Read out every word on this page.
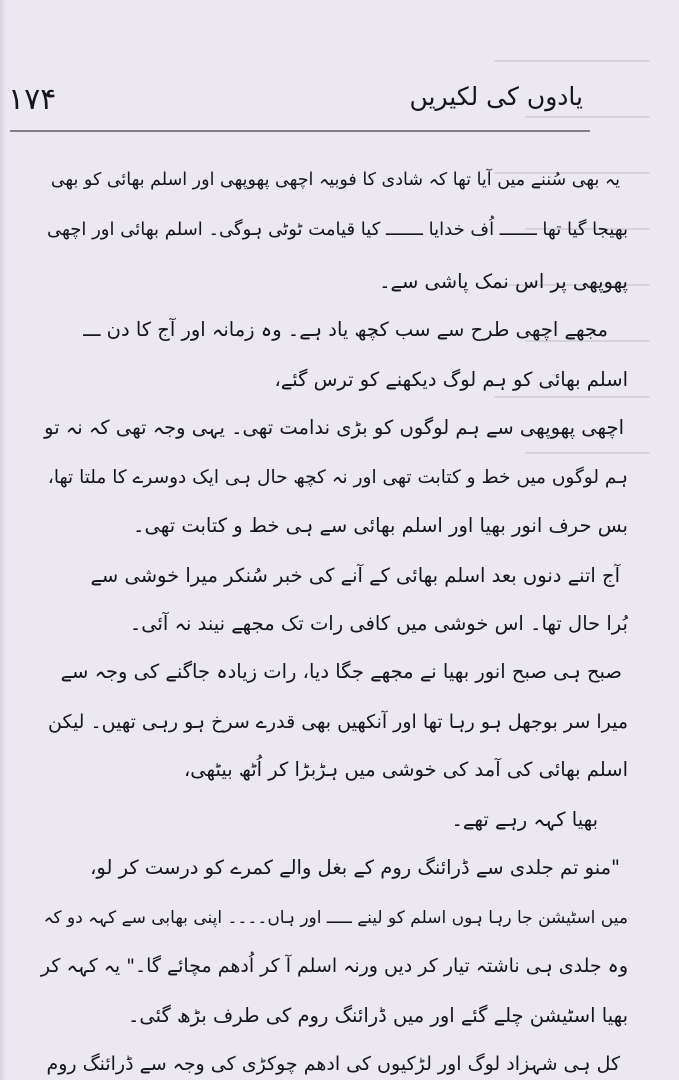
۱۷۴	یادوں کی لکیریں
یہ بھی سُننے میں آیا تھا کہ شادی کا فوبیہ اچھی پھوپھی اور اسلم بھائی کو بھی
بھیجا گیا تھا ـــــــ اُف خدایا ـــــــ کیا قیامت ٹوٹی ہوگی۔ اسلم بھائی اور اچھی
پھوپھی پر اس نمک پاشی سے۔
مجھے اچھی طرح سے سب کچھ یاد ہے۔ وہ زمانہ اور آج کا دن ـــ
اسلم بھائی کو ہم لوگ دیکھنے کو ترس گئے،
اچھی پھوپھی سے ہم لوگوں کو بڑی ندامت تھی۔ یہی وجہ تھی کہ نہ تو
ہم لوگوں میں خط و کتابت تھی اور نہ کچھ حال ہی ایک دوسرے کا ملتا تھا،
بس حرف انور بھیا اور اسلم بھائی سے ہی خط و کتابت تھی۔
آج اتنے دنوں بعد اسلم بھائی کے آنے کی خبر سُنکر میرا خوشی سے
بُرا حال تھا۔ اس خوشی میں کافی رات تک مجھے نیند نہ آئی۔
صبح ہی صبح انور بھیا نے مجھے جگا دیا، رات زیادہ جاگنے کی وجہ سے
میرا سر بوجھل ہو رہا تھا اور آنکھیں بھی قدرے سرخ ہو رہی تھیں۔ لیکن
اسلم بھائی کی آمد کی خوشی میں ہڑبڑا کر اُٹھ بیٹھی،
بھیا کہہ رہے تھے۔
"منو تم جلدی سے ڈرائنگ روم کے بغل والے کمرے کو درست کر لو،
میں اسٹیشن جا رہا ہوں اسلم کو لینے ـــــ اور ہاں۔۔۔۔ اپنی بھابی سے کہہ دو کہ
وہ جلدی ہی ناشتہ تیار کر دیں ورنہ اسلم آ کر اُدھم مچائے گا۔" یہ کہہ کر
بھیا اسٹیشن چلے گئے اور میں ڈرائنگ روم کی طرف بڑھ گئی۔
کل ہی شہزاد لوگ اور لڑکیوں کی ادھم چوکڑی کی وجہ سے ڈرائنگ روم
